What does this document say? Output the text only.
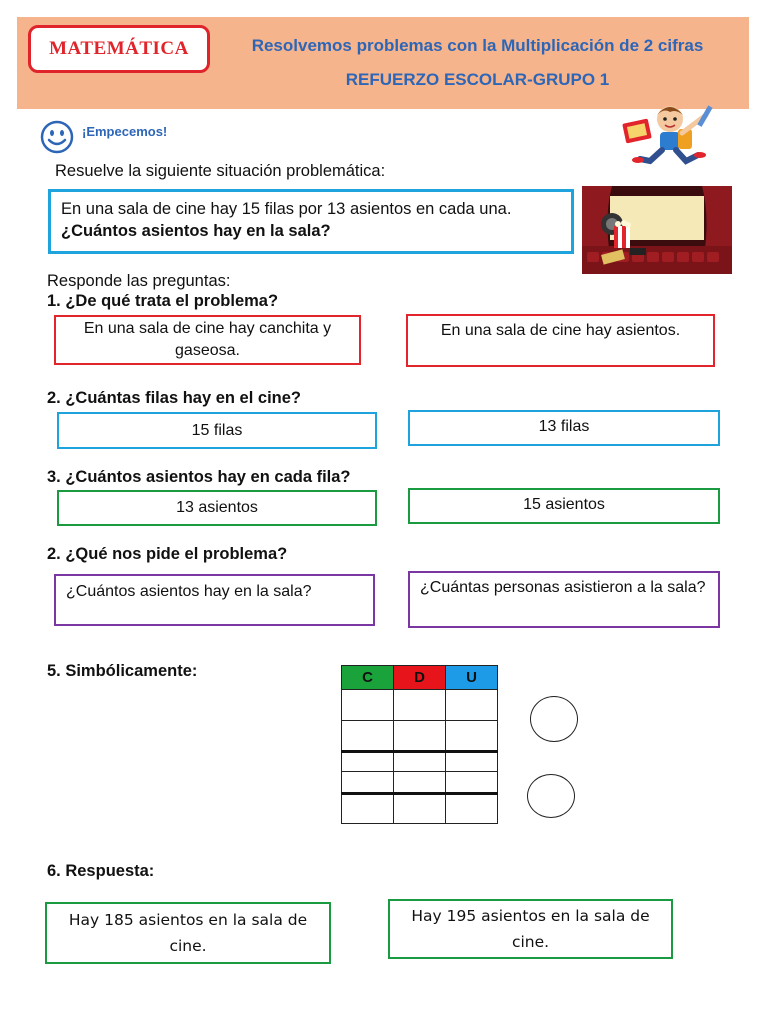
MATEMÁTICA	Resolvemos problemas con la Multiplicación de 2 cifras
REFUERZO ESCOLAR-GRUPO 1
¡Empecemos!
Resuelve la siguiente situación problemática:
En una sala de cine hay 15 filas por 13 asientos en cada una.
¿Cuántos asientos hay en la sala?
Responde las preguntas:
1. ¿De qué trata el problema?
En una sala de cine hay canchita y gaseosa.
En una sala de cine hay asientos.
2. ¿Cuántas filas hay en el cine?
15 filas	13 filas
3. ¿Cuántos asientos hay en cada fila?
13 asientos	15 asientos
2. ¿Qué nos pide el problema?
¿Cuántos asientos hay en la sala?	¿Cuántas personas asistieron a la sala?
5. Simbólicamente:	C	D	U

6. Respuesta:
Hay 185 asientos en la sala de cine.
Hay 195 asientos en la sala de cine.
